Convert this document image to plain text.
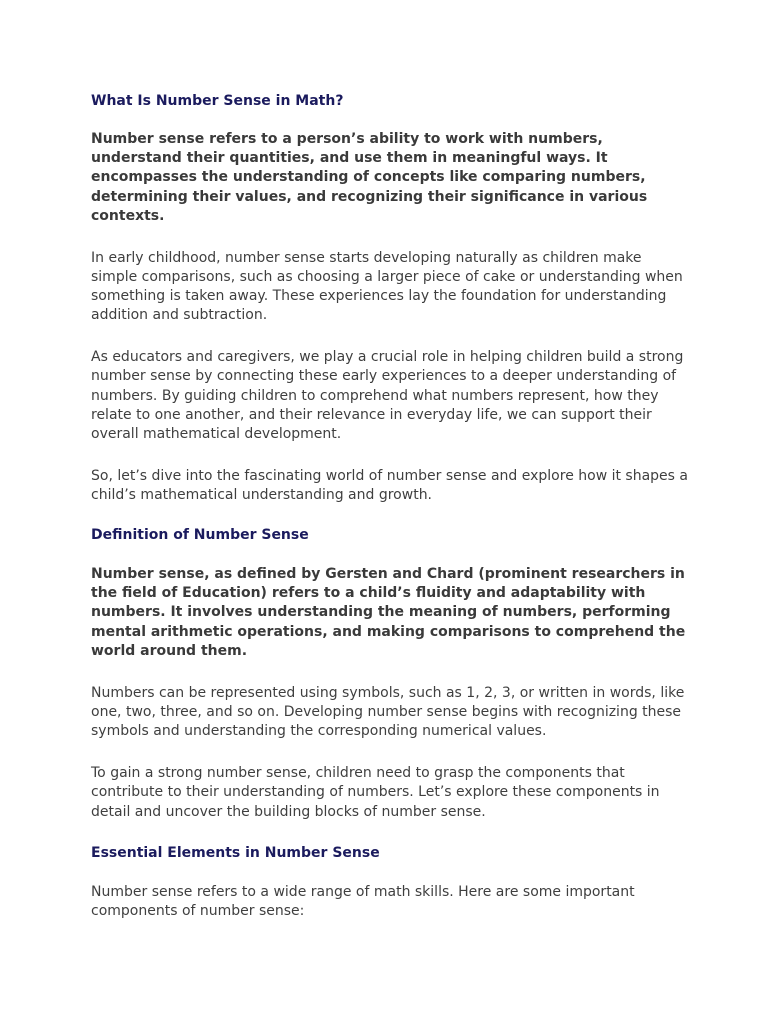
What Is Number Sense in Math?

Number sense refers to a person’s ability to work with numbers, understand their quantities, and use them in meaningful ways. It encompasses the understanding of concepts like comparing numbers, determining their values, and recognizing their significance in various contexts.

In early childhood, number sense starts developing naturally as children make simple comparisons, such as choosing a larger piece of cake or understanding when something is taken away. These experiences lay the foundation for understanding addition and subtraction.

As educators and caregivers, we play a crucial role in helping children build a strong number sense by connecting these early experiences to a deeper understanding of numbers. By guiding children to comprehend what numbers represent, how they relate to one another, and their relevance in everyday life, we can support their overall mathematical development.

So, let’s dive into the fascinating world of number sense and explore how it shapes a child’s mathematical understanding and growth.

Definition of Number Sense

Number sense, as defined by Gersten and Chard (prominent researchers in the field of Education) refers to a child’s fluidity and adaptability with numbers. It involves understanding the meaning of numbers, performing mental arithmetic operations, and making comparisons to comprehend the world around them.

Numbers can be represented using symbols, such as 1, 2, 3, or written in words, like one, two, three, and so on. Developing number sense begins with recognizing these symbols and understanding the corresponding numerical values.

To gain a strong number sense, children need to grasp the components that contribute to their understanding of numbers. Let’s explore these components in detail and uncover the building blocks of number sense.

Essential Elements in Number Sense

Number sense refers to a wide range of math skills. Here are some important components of number sense:
